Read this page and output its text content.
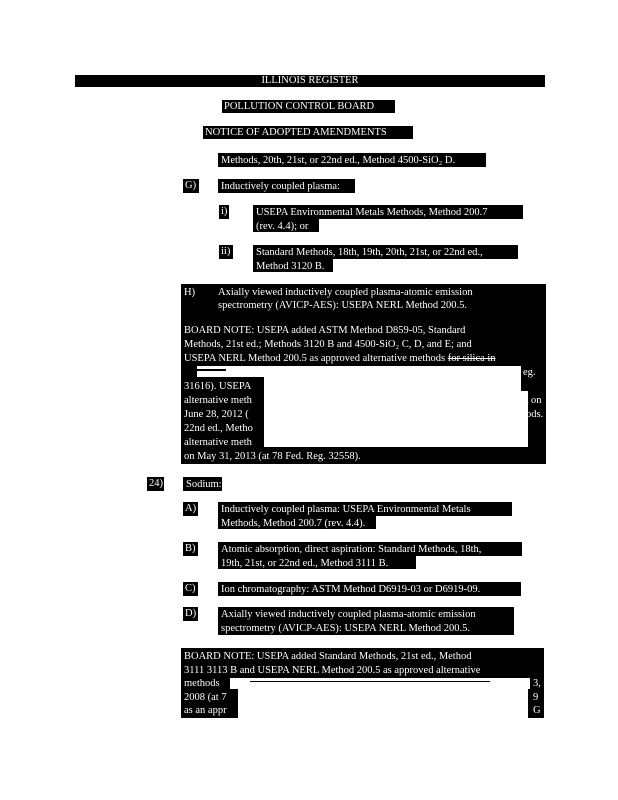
ILLINOIS REGISTER
POLLUTION CONTROL BOARD
NOTICE OF ADOPTED AMENDMENTS
Methods, 20th, 21st, or 22nd ed., Method 4500-SiO₂ D.
G) Inductively coupled plasma:
i)	USEPA Environmental Metals Methods, Method 200.7
(rev. 4.4); or
ii) Standard Methods, 18th, 19th, 20th, 21st, or 22nd ed.,
Method 3120 B.
H) Axially viewed inductively coupled plasma-atomic emission
spectrometry (AVICP-AES): USEPA NERL Method 200.5.
BOARD NOTE: USEPA added ASTM Method D859-05, Standard
Methods, 21st ed.; Methods 3120 B and 4500-SiO₂ C, D, and E; and
USEPA NERL Method 200.5 as approved alternative methods for silica in
eg.
31616). USEPA
alternative meth	on
June 28, 2012 (	ods.
22nd ed., Metho
alternative meth
on May 31, 2013 (at 78 Fed. Reg. 32558).
24) Sodium:
A) Inductively coupled plasma: USEPA Environmental Metals
Methods, Method 200.7 (rev. 4.4).
B) Atomic absorption, direct aspiration: Standard Methods, 18th,
19th, 21st, or 22nd ed., Method 3111 B.
C) Ion chromatography: ASTM Method D6919-03 or D6919-09.
D) Axially viewed inductively coupled plasma-atomic emission
spectrometry (AVICP-AES): USEPA NERL Method 200.5.
BOARD NOTE: USEPA added Standard Methods, 21st ed., Method
3111 3113 B and USEPA NERL Method 200.5 as approved alternative
methods	3,
2008 (at 7	9
as an appr	G
